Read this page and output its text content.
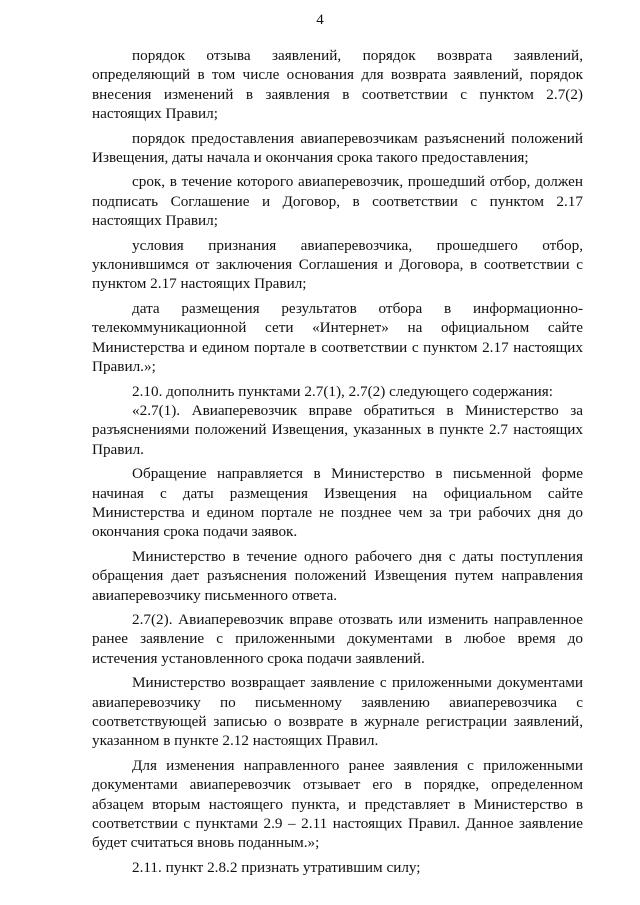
4

порядок отзыва заявлений, порядок возврата заявлений, определяющий в том числе основания для возврата заявлений, порядок внесения изменений в заявления в соответствии с пунктом 2.7(2) настоящих Правил;

порядок предоставления авиаперевозчикам разъяснений положений Извещения, даты начала и окончания срока такого предоставления;

срок, в течение которого авиаперевозчик, прошедший отбор, должен подписать Соглашение и Договор, в соответствии с пунктом 2.17 настоящих Правил;

условия признания авиаперевозчика, прошедшего отбор, уклонившимся от заключения Соглашения и Договора, в соответствии с пунктом 2.17 настоящих Правил;

дата размещения результатов отбора в информационно-телекоммуникационной сети «Интернет» на официальном сайте Министерства и едином портале в соответствии с пунктом 2.17 настоящих Правил.»;

2.10. дополнить пунктами 2.7(1), 2.7(2) следующего содержания:

«2.7(1). Авиаперевозчик вправе обратиться в Министерство за разъяснениями положений Извещения, указанных в пункте 2.7 настоящих Правил.

Обращение направляется в Министерство в письменной форме начиная с даты размещения Извещения на официальном сайте Министерства и едином портале не позднее чем за три рабочих дня до окончания срока подачи заявок.

Министерство в течение одного рабочего дня с даты поступления обращения дает разъяснения положений Извещения путем направления авиаперевозчику письменного ответа.

2.7(2). Авиаперевозчик вправе отозвать или изменить направленное ранее заявление с приложенными документами в любое время до истечения установленного срока подачи заявлений.

Министерство возвращает заявление с приложенными документами авиаперевозчику по письменному заявлению авиаперевозчика с соответствующей записью о возврате в журнале регистрации заявлений, указанном в пункте 2.12 настоящих Правил.

Для изменения направленного ранее заявления с приложенными документами авиаперевозчик отзывает его в порядке, определенном абзацем вторым настоящего пункта, и представляет в Министерство в соответствии с пунктами 2.9 – 2.11 настоящих Правил. Данное заявление будет считаться вновь поданным.»;

2.11. пункт 2.8.2 признать утратившим силу;
